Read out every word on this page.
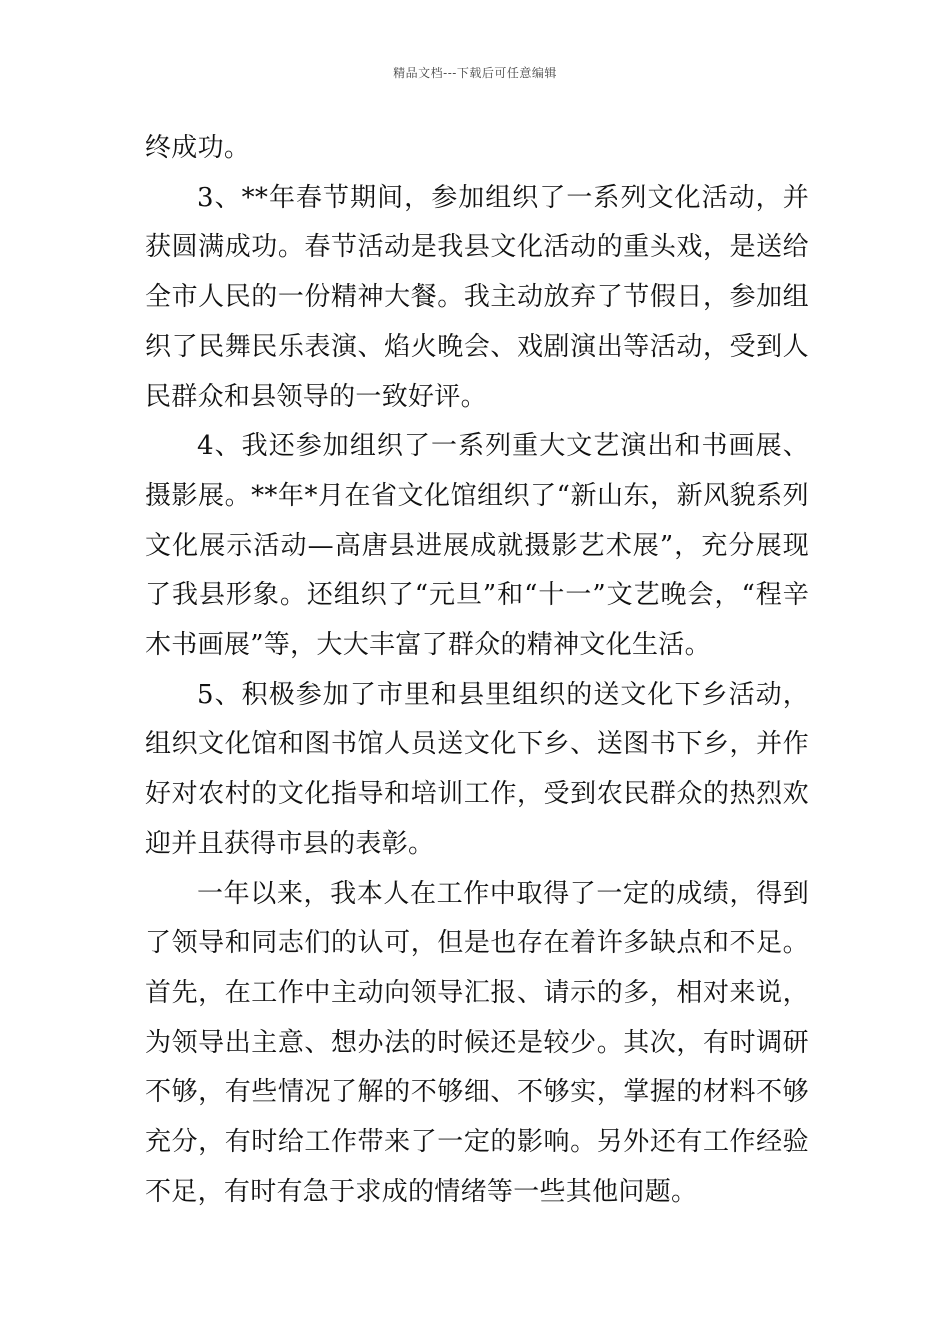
精品文档---下载后可任意编辑

终成功。

3、**年春节期间，参加组织了一系列文化活动，并获圆满成功。春节活动是我县文化活动的重头戏，是送给全市人民的一份精神大餐。我主动放弃了节假日，参加组织了民舞民乐表演、焰火晚会、戏剧演出等活动，受到人民群众和县领导的一致好评。

4、我还参加组织了一系列重大文艺演出和书画展、摄影展。**年*月在省文化馆组织了“新山东，新风貌系列文化展示活动—高唐县进展成就摄影艺术展”，充分展现了我县形象。还组织了“元旦”和“十一”文艺晚会，“程辛木书画展”等，大大丰富了群众的精神文化生活。

5、积极参加了市里和县里组织的送文化下乡活动，组织文化馆和图书馆人员送文化下乡、送图书下乡，并作好对农村的文化指导和培训工作，受到农民群众的热烈欢迎并且获得市县的表彰。

一年以来，我本人在工作中取得了一定的成绩，得到了领导和同志们的认可，但是也存在着许多缺点和不足。首先，在工作中主动向领导汇报、请示的多，相对来说，为领导出主意、想办法的时候还是较少。其次，有时调研不够，有些情况了解的不够细、不够实，掌握的材料不够充分，有时给工作带来了一定的影响。另外还有工作经验不足，有时有急于求成的情绪等一些其他问题。
